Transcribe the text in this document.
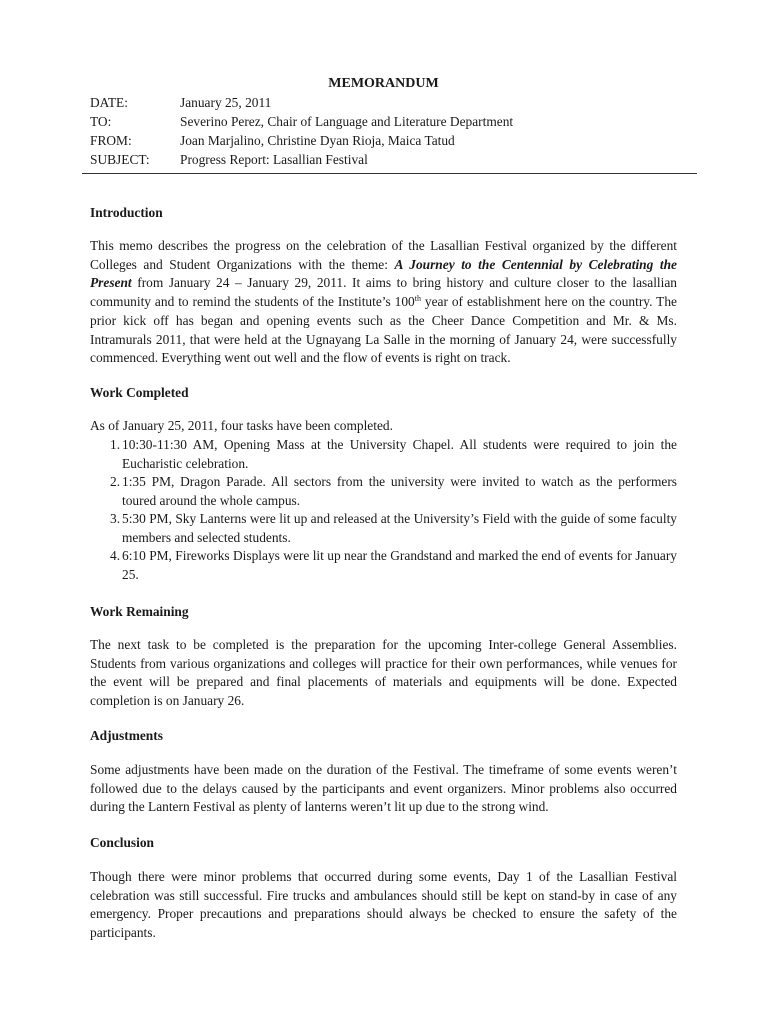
MEMORANDUM
DATE:	January 25, 2011
TO:	Severino Perez, Chair of Language and Literature Department
FROM:	Joan Marjalino, Christine Dyan Rioja, Maica Tatud
SUBJECT: Progress Report: Lasallian Festival
Introduction
This memo describes the progress on the celebration of the Lasallian Festival organized by the different Colleges and Student Organizations with the theme: A Journey to the Centennial by Celebrating the Present from January 24 – January 29, 2011. It aims to bring history and culture closer to the lasallian community and to remind the students of the Institute’s 100th year of establishment here on the country. The prior kick off has began and opening events such as the Cheer Dance Competition and Mr. & Ms. Intramurals 2011, that were held at the Ugnayang La Salle in the morning of January 24, were successfully commenced. Everything went out well and the flow of events is right on track.
Work Completed
As of January 25, 2011, four tasks have been completed.
1. 10:30-11:30 AM, Opening Mass at the University Chapel. All students were required to join the Eucharistic celebration.
2. 1:35 PM, Dragon Parade. All sectors from the university were invited to watch as the performers toured around the whole campus.
3. 5:30 PM, Sky Lanterns were lit up and released at the University’s Field with the guide of some faculty members and selected students.
4. 6:10 PM, Fireworks Displays were lit up near the Grandstand and marked the end of events for January 25.
Work Remaining
The next task to be completed is the preparation for the upcoming Inter-college General Assemblies. Students from various organizations and colleges will practice for their own performances, while venues for the event will be prepared and final placements of materials and equipments will be done. Expected completion is on January 26.
Adjustments
Some adjustments have been made on the duration of the Festival. The timeframe of some events weren’t followed due to the delays caused by the participants and event organizers. Minor problems also occurred during the Lantern Festival as plenty of lanterns weren’t lit up due to the strong wind.
Conclusion
Though there were minor problems that occurred during some events, Day 1 of the Lasallian Festival celebration was still successful. Fire trucks and ambulances should still be kept on stand-by in case of any emergency. Proper precautions and preparations should always be checked to ensure the safety of the participants.
